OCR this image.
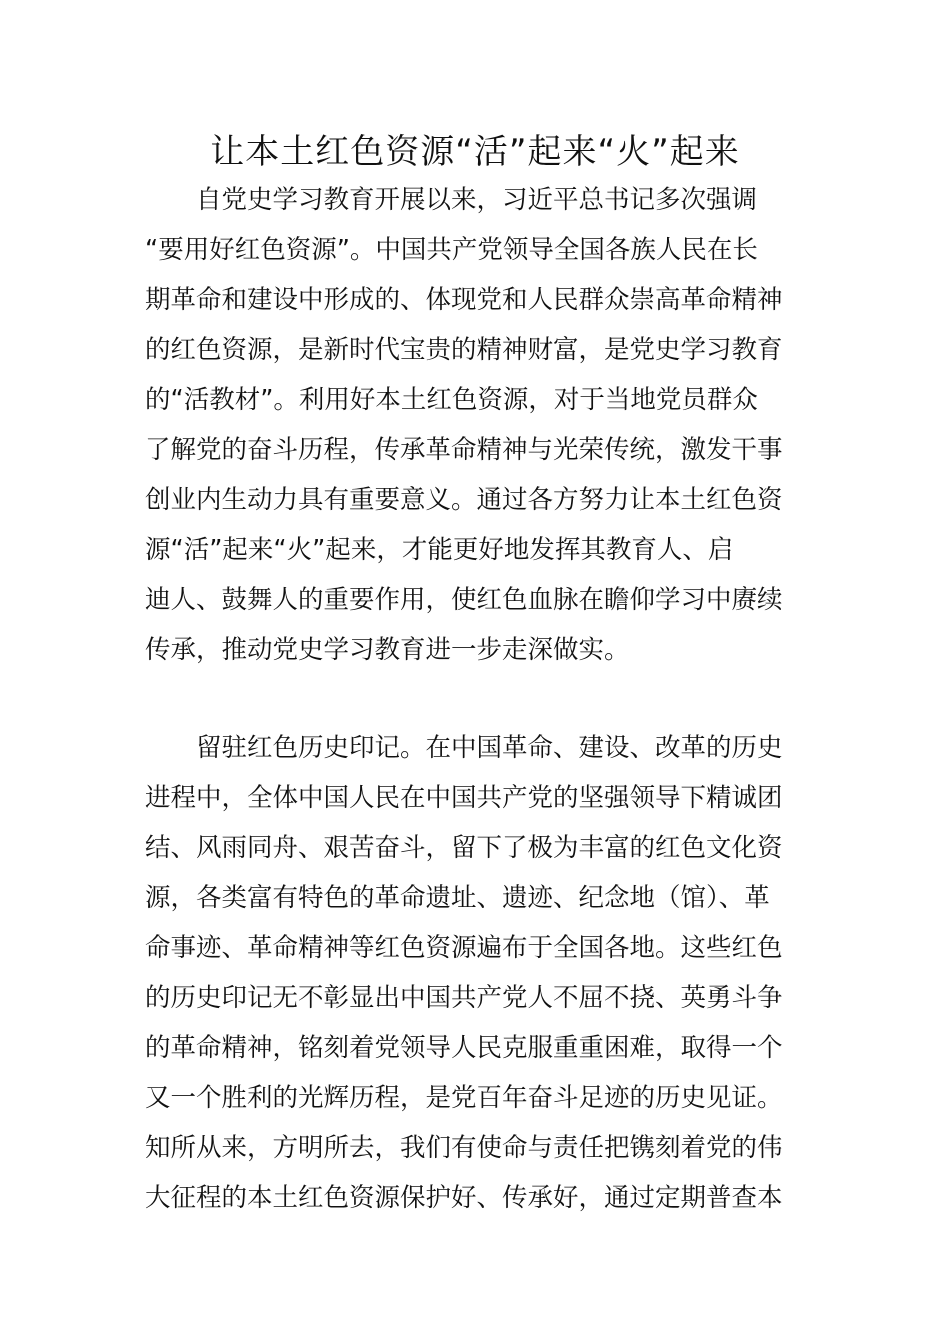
让本土红色资源“活”起来“火”起来

自党史学习教育开展以来，习近平总书记多次强调

“要用好红色资源”。中国共产党领导全国各族人民在长

期革命和建设中形成的、体现党和人民群众崇高革命精神

的红色资源，是新时代宝贵的精神财富，是党史学习教育

的“活教材”。利用好本土红色资源，对于当地党员群众

了解党的奋斗历程，传承革命精神与光荣传统，激发干事

创业内生动力具有重要意义。通过各方努力让本土红色资

源“活”起来“火”起来，才能更好地发挥其教育人、启

迪人、鼓舞人的重要作用，使红色血脉在瞻仰学习中赓续

传承，推动党史学习教育进一步走深做实。

留驻红色历史印记。在中国革命、建设、改革的历史

进程中，全体中国人民在中国共产党的坚强领导下精诚团

结、风雨同舟、艰苦奋斗，留下了极为丰富的红色文化资

源，各类富有特色的革命遗址、遗迹、纪念地（馆）、革

命事迹、革命精神等红色资源遍布于全国各地。这些红色

的历史印记无不彰显出中国共产党人不屈不挠、英勇斗争

的革命精神，铭刻着党领导人民克服重重困难，取得一个

又一个胜利的光辉历程，是党百年奋斗足迹的历史见证。

知所从来，方明所去，我们有使命与责任把镌刻着党的伟

大征程的本土红色资源保护好、传承好，通过定期普查本
